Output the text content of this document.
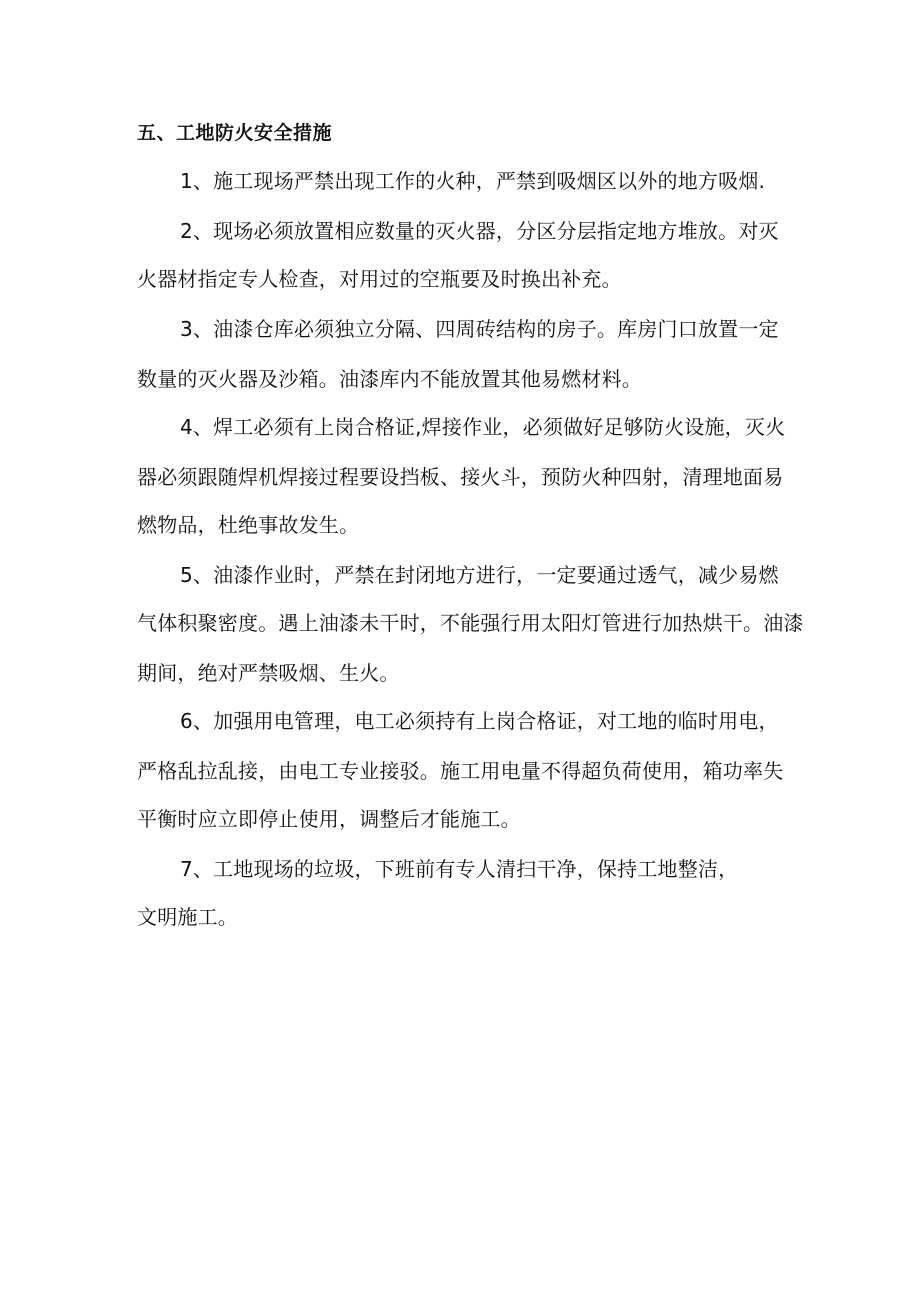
五、工地防火安全措施
1、施工现场严禁出现工作的火种，严禁到吸烟区以外的地方吸烟.
2、现场必须放置相应数量的灭火器，分区分层指定地方堆放。对灭
火器材指定专人检查，对用过的空瓶要及时换出补充。
3、油漆仓库必须独立分隔、四周砖结构的房子。库房门口放置一定
数量的灭火器及沙箱。油漆库内不能放置其他易燃材料。
4、焊工必须有上岗合格证,焊接作业，必须做好足够防火设施，灭火
器必须跟随焊机焊接过程要设挡板、接火斗，预防火种四射，清理地面易
燃物品，杜绝事故发生。
5、油漆作业时，严禁在封闭地方进行，一定要通过透气，减少易燃
气体积聚密度。遇上油漆未干时，不能强行用太阳灯管进行加热烘干。油漆
期间，绝对严禁吸烟、生火。
6、加强用电管理，电工必须持有上岗合格证，对工地的临时用电，
严格乱拉乱接，由电工专业接驳。施工用电量不得超负荷使用，箱功率失
平衡时应立即停止使用，调整后才能施工。
7、工地现场的垃圾，下班前有专人清扫干净，保持工地整洁，
文明施工。
